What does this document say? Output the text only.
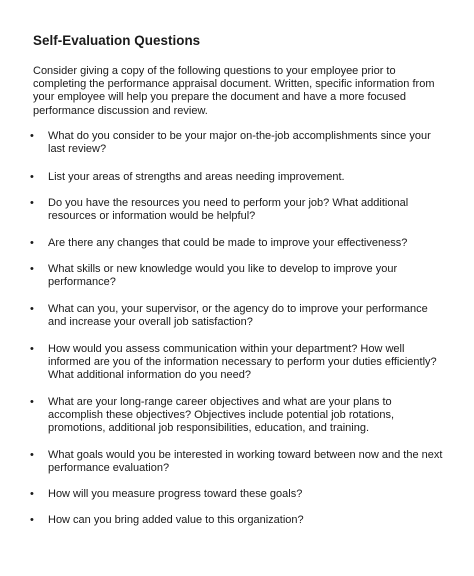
Self-Evaluation Questions
Consider giving a copy of the following questions to your employee prior to
completing the performance appraisal document. Written, specific information from
your employee will help you prepare the document and have a more focused
performance discussion and review.
• What do you consider to be your major on-the-job accomplishments since your
last review?
• List your areas of strengths and areas needing improvement.
• Do you have the resources you need to perform your job? What additional
resources or information would be helpful?
• Are there any changes that could be made to improve your effectiveness?
• What skills or new knowledge would you like to develop to improve your
performance?
• What can you, your supervisor, or the agency do to improve your performance
and increase your overall job satisfaction?
• How would you assess communication within your department? How well
informed are you of the information necessary to perform your duties efficiently?
What additional information do you need?
• What are your long-range career objectives and what are your plans to
accomplish these objectives? Objectives include potential job rotations,
promotions, additional job responsibilities, education, and training.
• What goals would you be interested in working toward between now and the next
performance evaluation?
• How will you measure progress toward these goals?
• How can you bring added value to this organization?
